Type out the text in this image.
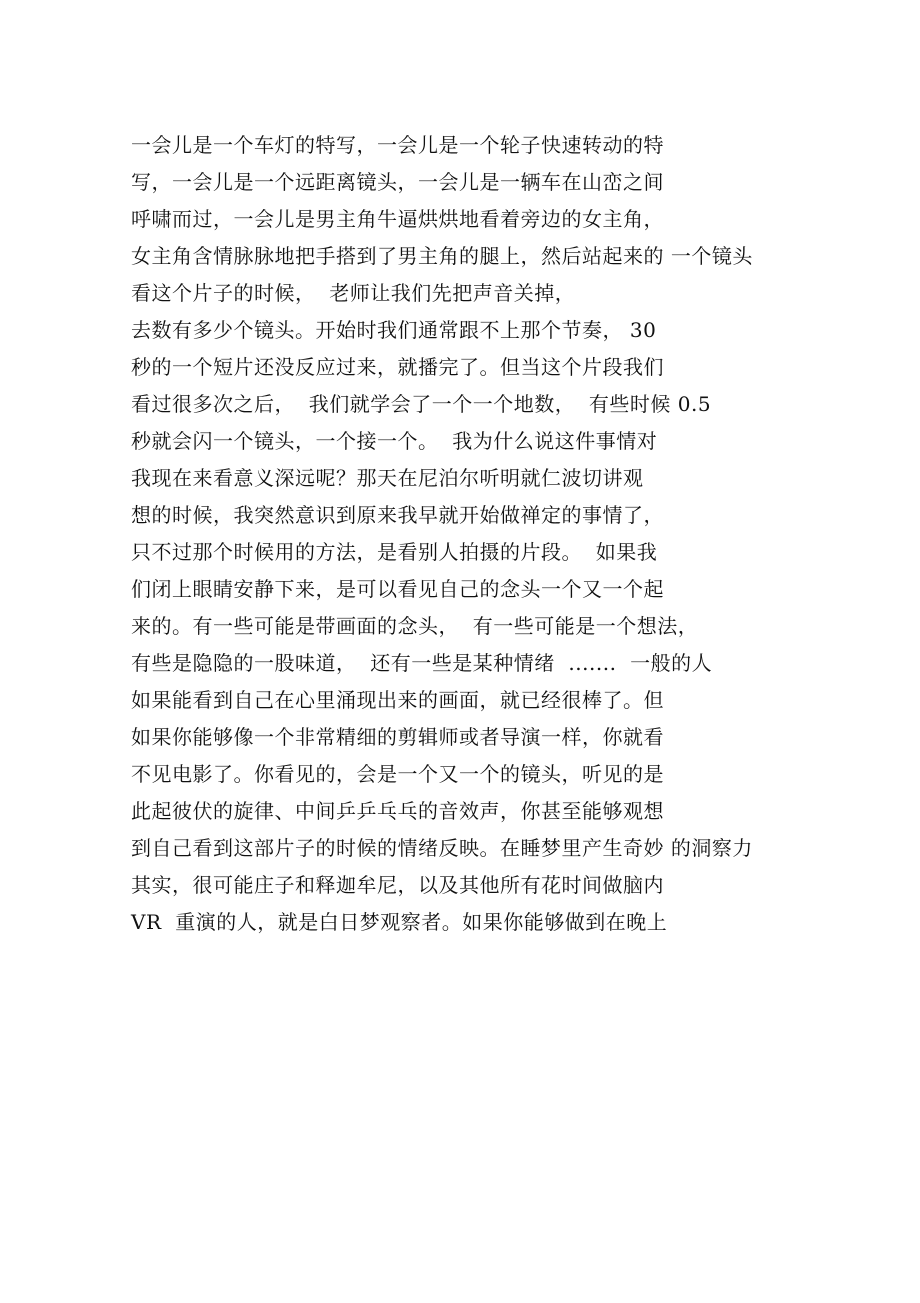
一会儿是一个车灯的特写，一会儿是一个轮子快速转动的特
写，一会儿是一个远距离镜头，一会儿是一辆车在山峦之间
呼啸而过，一会儿是男主角牛逼烘烘地看着旁边的女主角，
女主角含情脉脉地把手搭到了男主角的腿上，然后站起来的 一个镜头
看这个片子的时候，  老师让我们先把声音关掉，
去数有多少个镜头。开始时我们通常跟不上那个节奏， 30
秒的一个短片还没反应过来，就播完了。但当这个片段我们
看过很多次之后，  我们就学会了一个一个地数，  有些时候 0.5
秒就会闪一个镜头，一个接一个。  我为什么说这件事情对
我现在来看意义深远呢？那天在尼泊尔听明就仁波切讲观
想的时候，我突然意识到原来我早就开始做禅定的事情了，
只不过那个时候用的方法，是看别人拍摄的片段。  如果我
们闭上眼睛安静下来，是可以看见自己的念头一个又一个起
来的。有一些可能是带画面的念头，  有一些可能是一个想法，
有些是隐隐的一股味道，  还有一些是某种情绪  .......  一般的人
如果能看到自己在心里涌现出来的画面，就已经很棒了。但
如果你能够像一个非常精细的剪辑师或者导演一样，你就看
不见电影了。你看见的，会是一个又一个的镜头，听见的是
此起彼伏的旋律、中间乒乒乓乓的音效声，你甚至能够观想
到自己看到这部片子的时候的情绪反映。在睡梦里产生奇妙 的洞察力
其实，很可能庄子和释迦牟尼，以及其他所有花时间做脑内
VR  重演的人，就是白日梦观察者。如果你能够做到在晚上
